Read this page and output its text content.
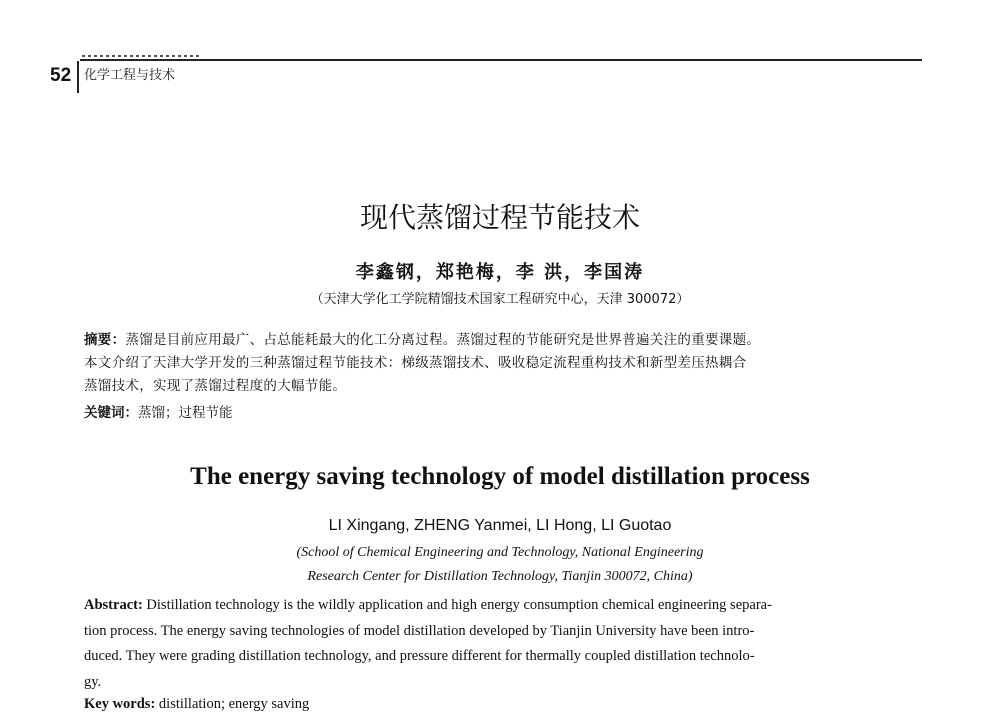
52 化学工程与技术
现代蒸馏过程节能技术
李鑫钢，郑艳梅，李 洪，李国涛
（天津大学化工学院精馏技术国家工程研究中心，天津 300072）
摘要：蒸馏是目前应用最广、占总能耗最大的化工分离过程。蒸馏过程的节能研究是世界普遍关注的重要课题。
本文介绍了天津大学开发的三种蒸馏过程节能技术：梯级蒸馏技术、吸收稳定流程重构技术和新型差压热耦合
蒸馏技术，实现了蒸馏过程度的大幅节能。
关键词：蒸馏；过程节能
The energy saving technology of model distillation process
LI Xingang, ZHENG Yanmei, LI Hong, LI Guotao
(School of Chemical Engineering and Technology, National Engineering
Research Center for Distillation Technology, Tianjin 300072, China)
Abstract: Distillation technology is the wildly application and high energy consumption chemical engineering separa-
tion process. The energy saving technologies of model distillation developed by Tianjin University have been intro-
duced. They were grading distillation technology, and pressure different for thermally coupled distillation technolo-
gy.
Key words: distillation; energy saving
